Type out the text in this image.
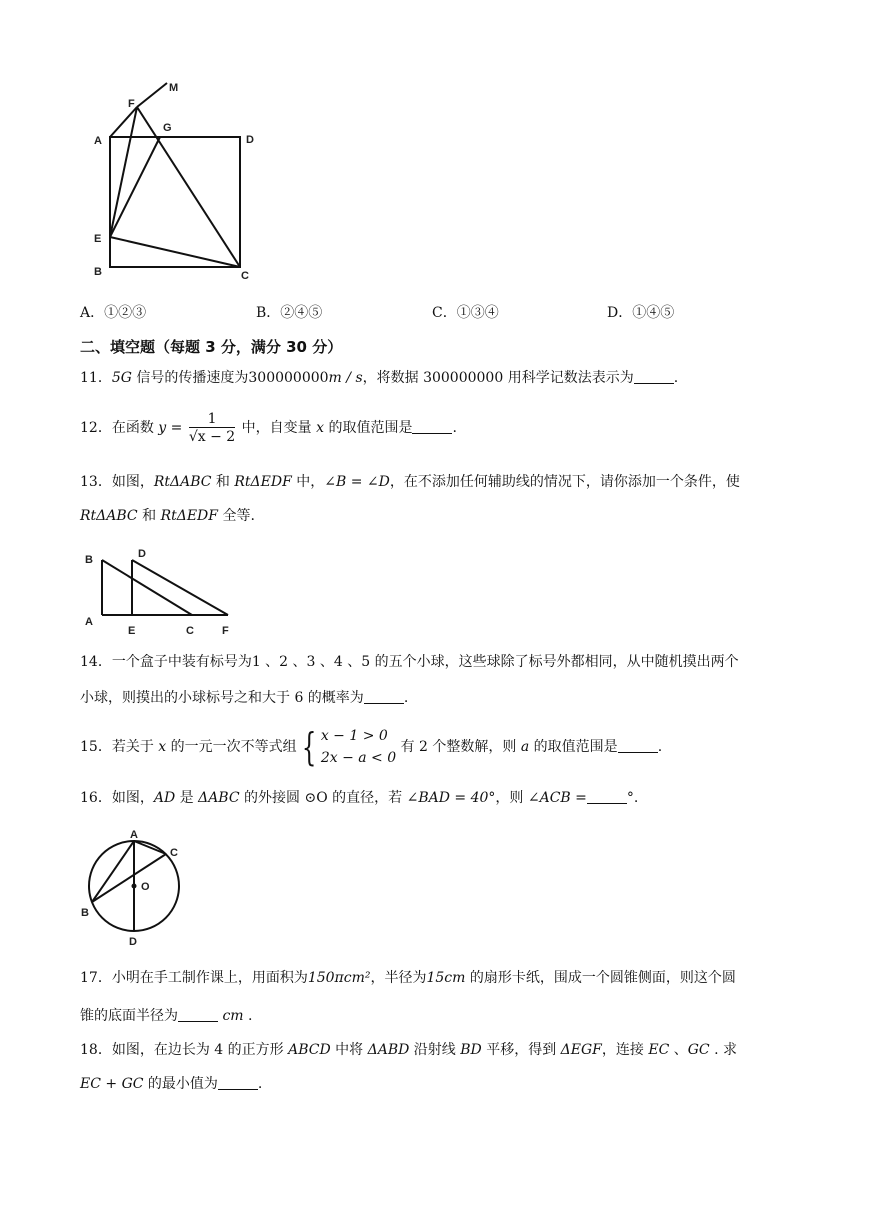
A
B	C
D
E
F
G
M
A．①②③	B．②④⑤	C．①③④	D．①④⑤
二、填空题（每题 3 分，满分 30 分）
11．5G 信号的传播速度为300000000m / s，将数据 300000000 用科学记数法表示为	.
12．在函数 $y = \frac{1}{√x - 2}$ 中，自变量 x 的取值范围是	.
13．如图，RtΔABC 和 RtΔEDF 中，∠B = ∠D，在不添加任何辅助线的情况下，请你添加一个条件，使
RtΔABC 和 RtΔEDF 全等.
B
A
D
E	C	F
14．一个盒子中装有标号为1 、2 、3 、4 、5 的五个小球，这些球除了标号外都相同，从中随机摸出两个
小球，则摸出的小球标号之和大于 6 的概率为	.
15．若关于 x 的一元一次不等式组 { x − 1 > 0
2x − a < 0
有 2 个整数解，则 a 的取值范围是	.
16．如图，AD 是 ΔABC 的外接圆 ⊙O 的直径，若 ∠BAD = 40°，则 ∠ACB =	°.
A
C
O
B
D
17．小明在手工制作课上，用面积为150πcm²，半径为15cm 的扇形卡纸，围成一个圆锥侧面，则这个圆
锥的底面半径为	cm .
18．如图，在边长为 4 的正方形 ABCD 中将 ΔABD 沿射线 BD 平移，得到 ΔEGF，连接 EC 、GC . 求
EC + GC 的最小值为	.
